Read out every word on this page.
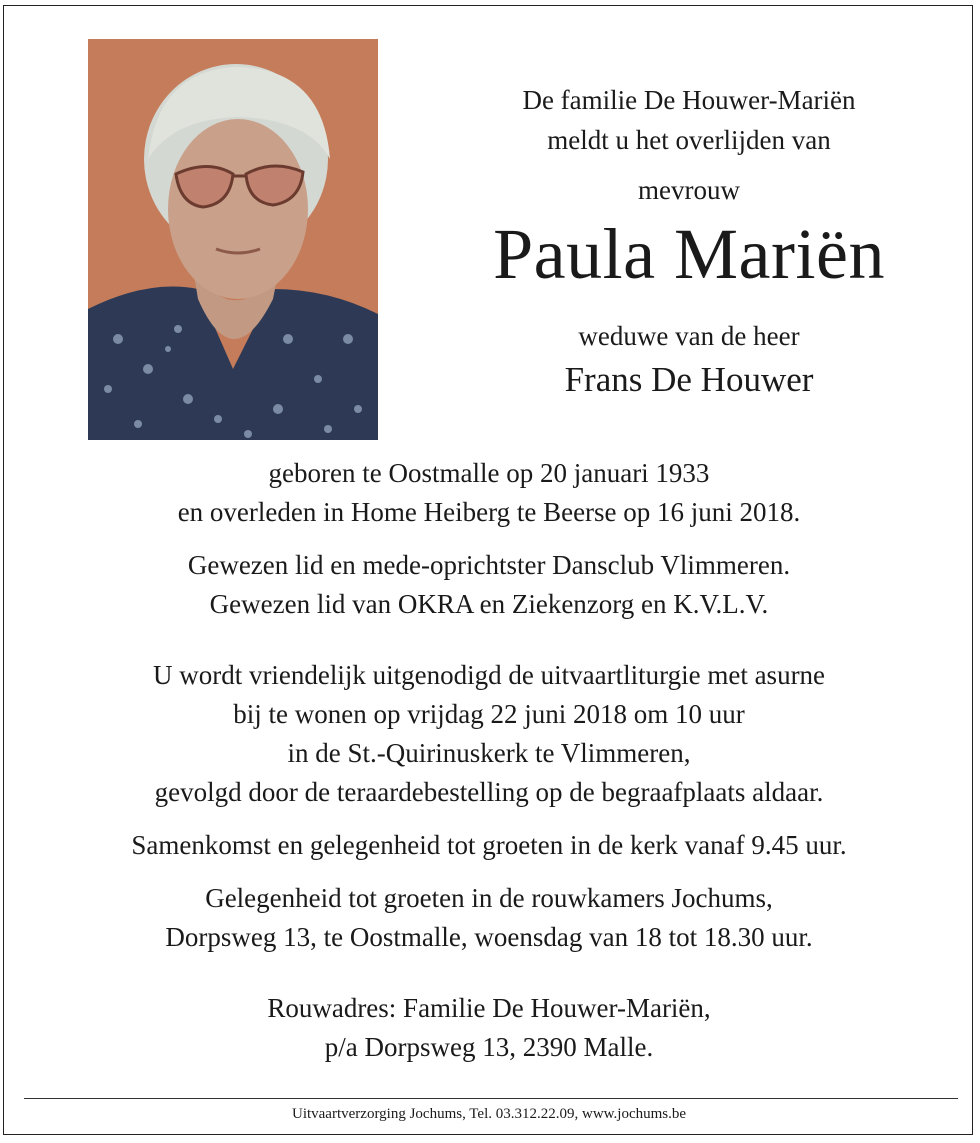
De familie De Houwer-Mariën
meldt u het overlijden van
mevrouw
Paula Mariën
weduwe van de heer
Frans De Houwer

geboren te Oostmalle op 20 januari 1933

en overleden in Home Heiberg te Beerse op 16 juni 2018.

Gewezen lid en mede-oprichtster Dansclub Vlimmeren.

Gewezen lid van OKRA en Ziekenzorg en K.V.L.V.

U wordt vriendelijk uitgenodigd de uitvaartliturgie met asurne

bij te wonen op vrijdag 22 juni 2018 om 10 uur

in de St.-Quirinuskerk te Vlimmeren,

gevolgd door de teraardebestelling op de begraafplaats aldaar.

Samenkomst en gelegenheid tot groeten in de kerk vanaf 9.45 uur.

Gelegenheid tot groeten in de rouwkamers Jochums,

Dorpsweg 13, te Oostmalle, woensdag van 18 tot 18.30 uur.

Rouwadres: Familie De Houwer-Mariën,

p/a Dorpsweg 13, 2390 Malle.

Uitvaartverzorging Jochums, Tel. 03.312.22.09, www.jochums.be
